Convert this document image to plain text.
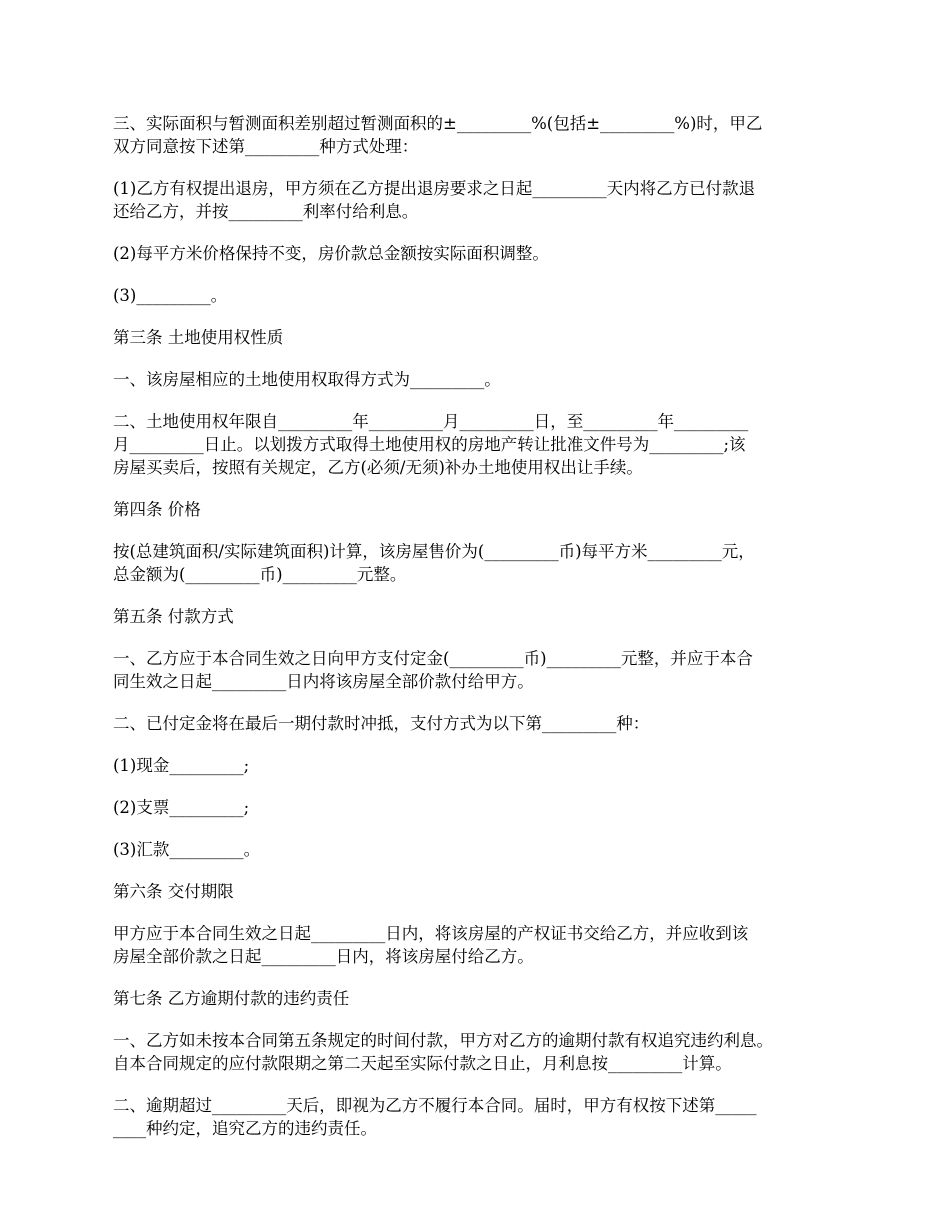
三、实际面积与暂测面积差别超过暂测面积的±_________%(包括±_________%)时，甲乙
双方同意按下述第_________种方式处理：
(1)乙方有权提出退房，甲方须在乙方提出退房要求之日起_________天内将乙方已付款退
还给乙方，并按_________利率付给利息。
(2)每平方米价格保持不变，房价款总金额按实际面积调整。
(3)_________。
第三条 土地使用权性质
一、该房屋相应的土地使用权取得方式为_________。
二、土地使用权年限自_________年_________月_________日，至_________年_________
月_________日止。以划拨方式取得土地使用权的房地产转让批准文件号为_________;该
房屋买卖后，按照有关规定，乙方(必须/无须)补办土地使用权出让手续。
第四条 价格
按(总建筑面积/实际建筑面积)计算，该房屋售价为(_________币)每平方米_________元，
总金额为(_________币)_________元整。
第五条 付款方式
一、乙方应于本合同生效之日向甲方支付定金(_________币)_________元整，并应于本合
同生效之日起_________日内将该房屋全部价款付给甲方。
二、已付定金将在最后一期付款时冲抵，支付方式为以下第_________种：
(1)现金_________;
(2)支票_________;
(3)汇款_________。
第六条 交付期限
甲方应于本合同生效之日起_________日内，将该房屋的产权证书交给乙方，并应收到该
房屋全部价款之日起_________日内，将该房屋付给乙方。
第七条 乙方逾期付款的违约责任
一、乙方如未按本合同第五条规定的时间付款，甲方对乙方的逾期付款有权追究违约利息。
自本合同规定的应付款限期之第二天起至实际付款之日止，月利息按_________计算。
二、逾期超过_________天后，即视为乙方不履行本合同。届时，甲方有权按下述第_____
____种约定，追究乙方的违约责任。
